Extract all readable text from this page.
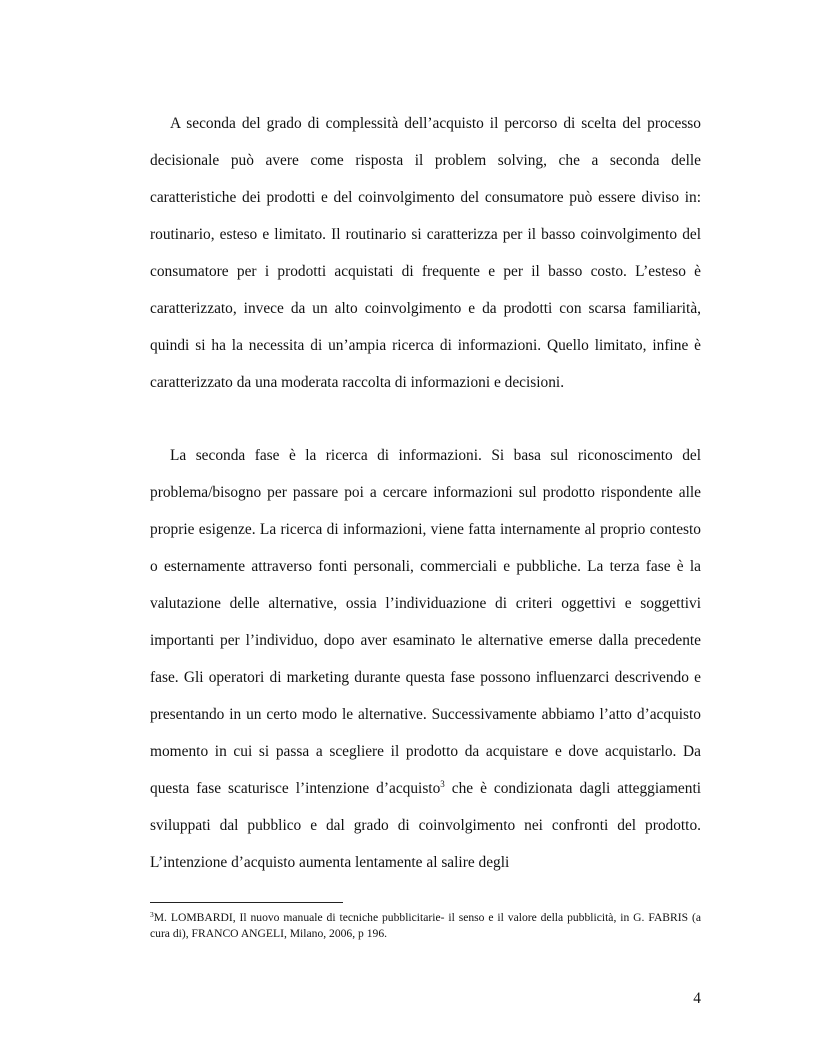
A seconda del grado di complessità dell’acquisto il percorso di scelta del processo decisionale può avere come risposta il problem solving, che a seconda delle caratteristiche dei prodotti e del coinvolgimento del consumatore può essere diviso in: routinario, esteso e limitato. Il routinario si caratterizza per il basso coinvolgimento del consumatore per i prodotti acquistati di frequente e per il basso costo. L’esteso è caratterizzato, invece da un alto coinvolgimento e da prodotti con scarsa familiarità, quindi si ha la necessita di un’ampia ricerca di informazioni. Quello limitato, infine è caratterizzato da una moderata raccolta di informazioni e decisioni.

La seconda fase è la ricerca di informazioni. Si basa sul riconoscimento del problema/bisogno per passare poi a cercare informazioni sul prodotto rispondente alle proprie esigenze. La ricerca di informazioni, viene fatta internamente al proprio contesto o esternamente attraverso fonti personali, commerciali e pubbliche. La terza fase è la valutazione delle alternative, ossia l’individuazione di criteri oggettivi e soggettivi importanti per l’individuo, dopo aver esaminato le alternative emerse dalla precedente fase. Gli operatori di marketing durante questa fase possono influenzarci descrivendo e presentando in un certo modo le alternative. Successivamente abbiamo l’atto d’acquisto momento in cui si passa a scegliere il prodotto da acquistare e dove acquistarlo. Da questa fase scaturisce l’intenzione d’acquisto$^3$ che è condizionata dagli atteggiamenti sviluppati dal pubblico e dal grado di coinvolgimento nei confronti del prodotto. L’intenzione d’acquisto aumenta lentamente al salire degli

$^3$M. LOMBARDI, Il nuovo manuale di tecniche pubblicitarie- il senso e il valore della pubblicità, in G. FABRIS (a cura di), FRANCO ANGELI, Milano, 2006, p 196.

4
